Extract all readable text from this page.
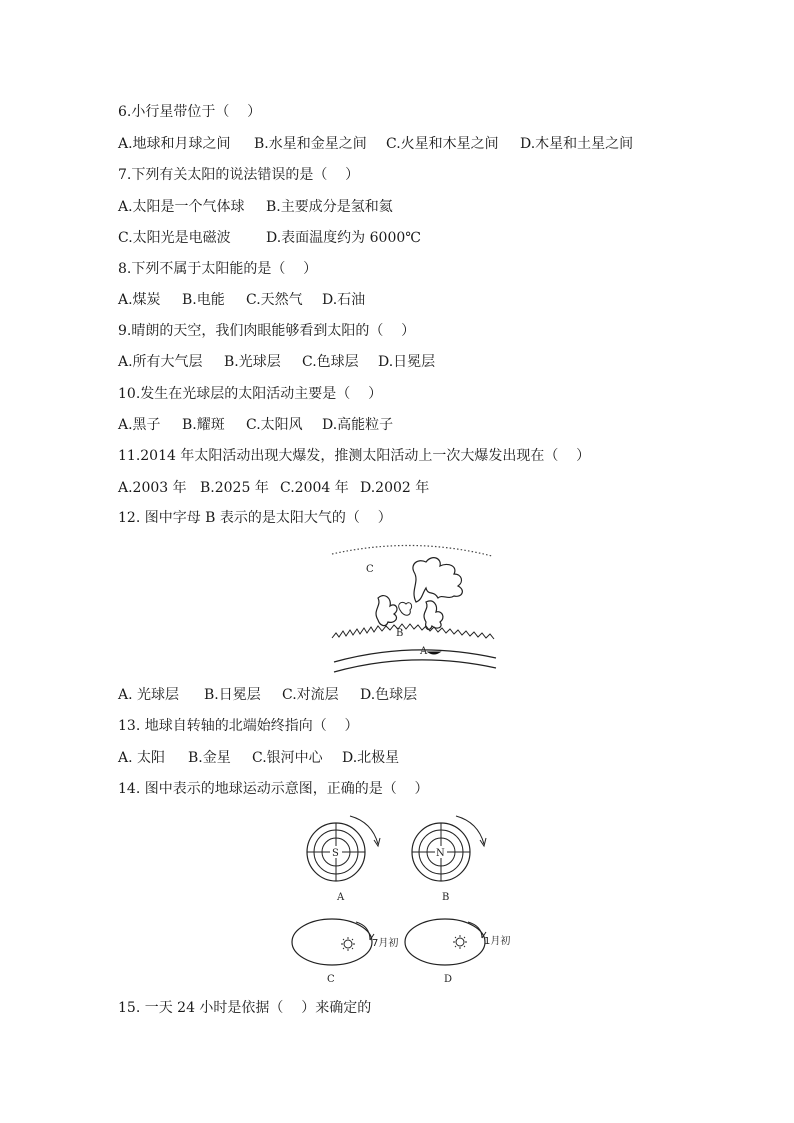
6.小行星带位于（    ）
A.地球和月球之间 B.水星和金星之间 C.火星和木星之间 D.木星和土星之间
7.下列有关太阳的说法错误的是（    ）
A.太阳是一个气体球 B.主要成分是氢和氦
C.太阳光是电磁波	D.表面温度约为 6000℃
8.下列不属于太阳能的是（    ）
A.煤炭 B.电能 C.天然气 D.石油
9.晴朗的天空，我们肉眼能够看到太阳的（    ）
A.所有大气层 B.光球层 C.色球层 D.日冕层
10.发生在光球层的太阳活动主要是（    ）
A.黑子 B.耀斑 C.太阳风 D.高能粒子
11.2014 年太阳活动出现大爆发，推测太阳活动上一次大爆发出现在（    ）
A.2003 年 B.2025 年 C.2004 年 D.2002 年
12. 图中字母 B 表示的是太阳大气的（    ）
C
B
A
A. 光球层 B.日冕层 C.对流层 D.色球层
13. 地球自转轴的北端始终指向（    ）
A. 太阳 B.金星 C.银河中心 D.北极星
14. 图中表示的地球运动示意图，正确的是（    ）
S
A
N
B
7月初
C
1月初
D
15. 一天 24 小时是依据（    ）来确定的
